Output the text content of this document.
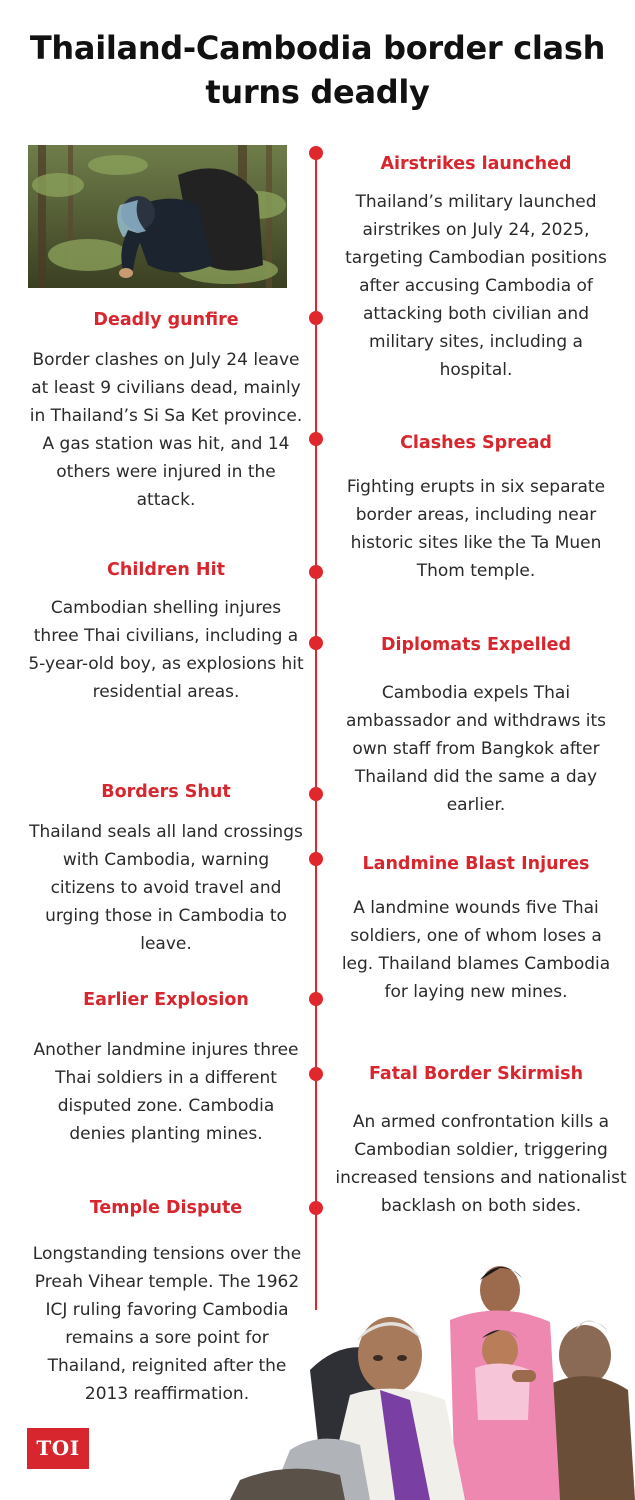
Thailand-Cambodia border clash turns deadly
Deadly gunfire
Border clashes on July 24 leave at least 9 civilians dead, mainly in Thailand’s Si Sa Ket province. A gas station was hit, and 14 others were injured in the attack.
Children Hit
Cambodian shelling injures three Thai civilians, including a 5-year-old boy, as explosions hit residential areas.
Borders Shut
Thailand seals all land crossings with Cambodia, warning citizens to avoid travel and urging those in Cambodia to leave.
Earlier Explosion
Another landmine injures three Thai soldiers in a different disputed zone. Cambodia denies planting mines.
Temple Dispute
Longstanding tensions over the Preah Vihear temple. The 1962 ICJ ruling favoring Cambodia remains a sore point for Thailand, reignited after the 2013 reaffirmation.
Airstrikes launched
Thailand’s military launched airstrikes on July 24, 2025, targeting Cambodian positions after accusing Cambodia of attacking both civilian and military sites, including a hospital.
Clashes Spread
Fighting erupts in six separate border areas, including near historic sites like the Ta Muen Thom temple.
Diplomats Expelled
Cambodia expels Thai ambassador and withdraws its own staff from Bangkok after Thailand did the same a day earlier.
Landmine Blast Injures
A landmine wounds five Thai soldiers, one of whom loses a leg. Thailand blames Cambodia for laying new mines.
Fatal Border Skirmish
An armed confrontation kills a Cambodian soldier, triggering increased tensions and nationalist backlash on both sides.
TOI
